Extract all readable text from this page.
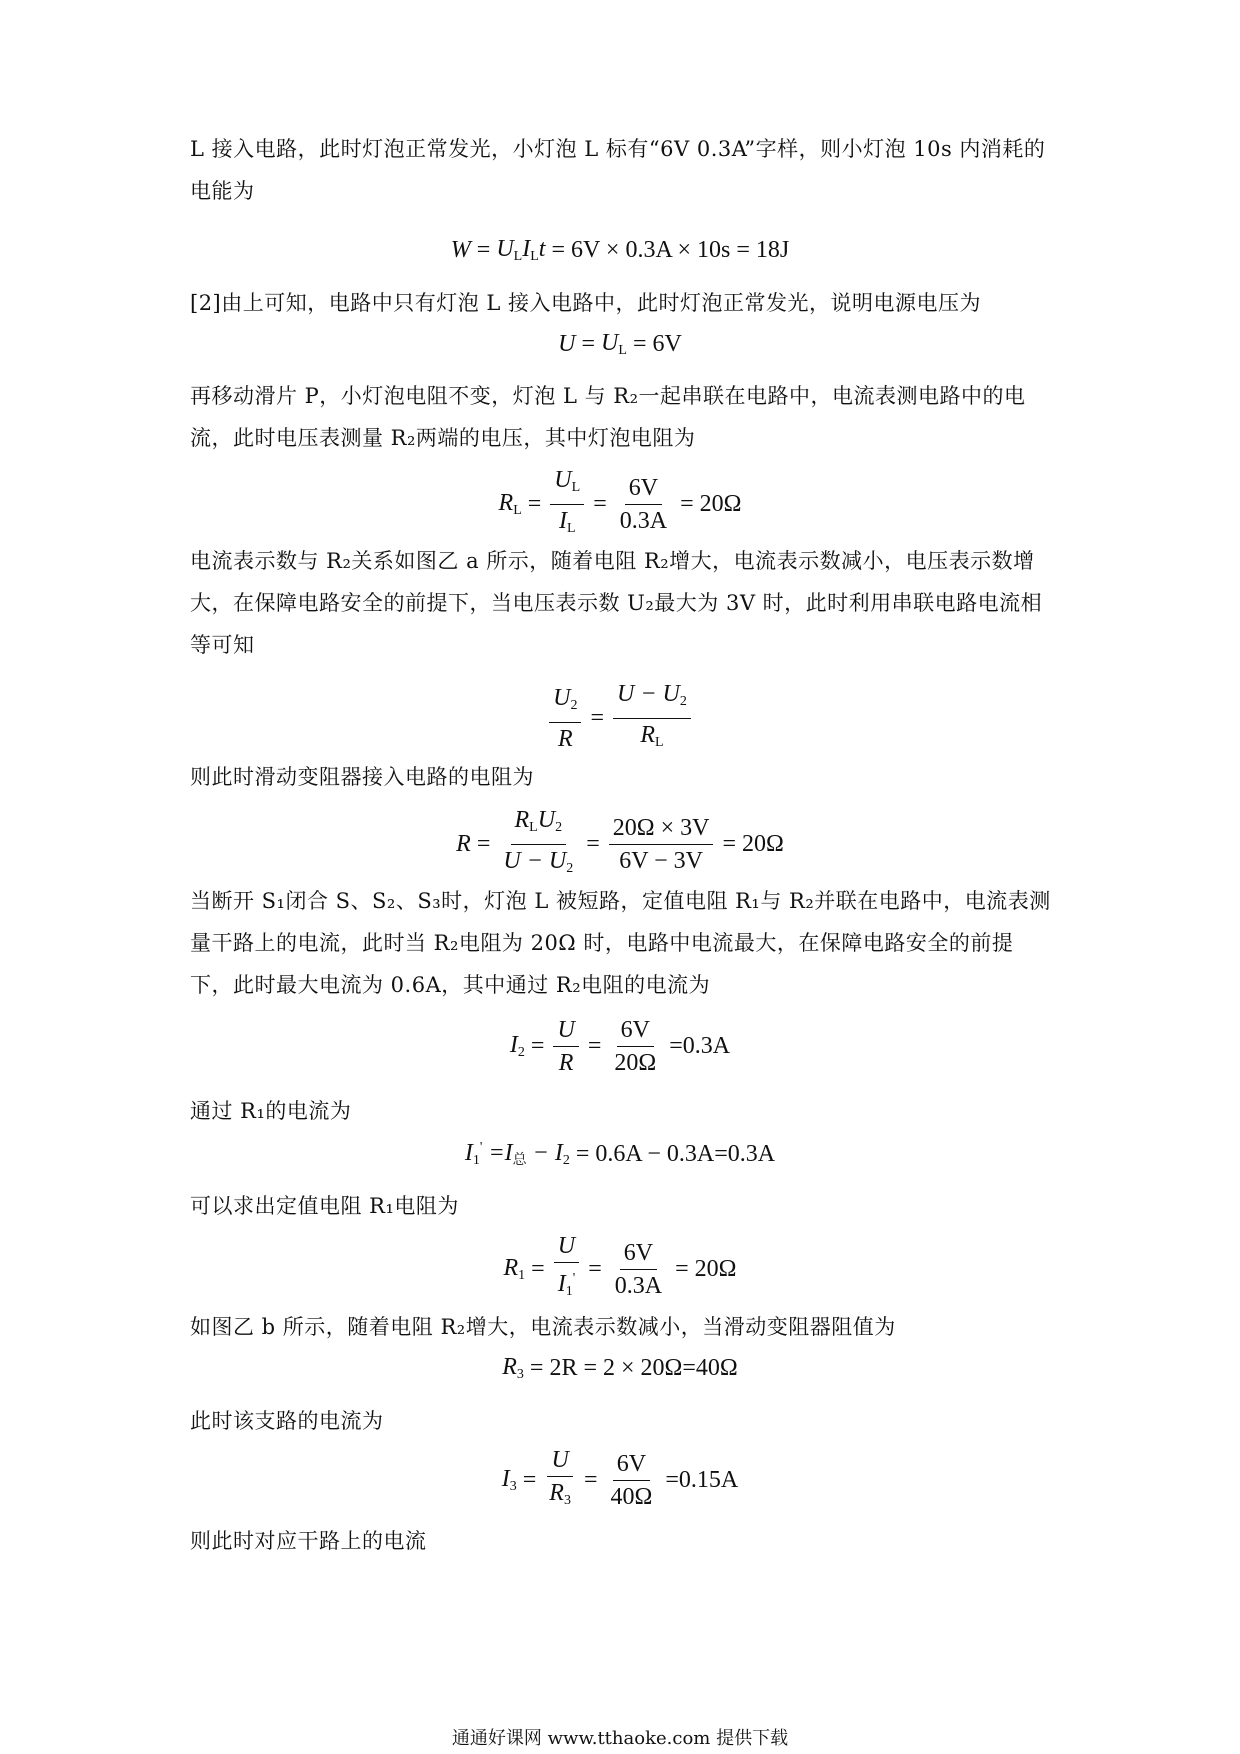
L 接入电路，此时灯泡正常发光，小灯泡 L 标有“6V 0.3A”字样，则小灯泡 10s 内消耗的
电能为
$W = U_LI_Lt = 6V \times 0.3A \times 10s = 18J$
[2]由上可知，电路中只有灯泡 L 接入电路中，此时灯泡正常发光，说明电源电压为
$U = U_L = 6V$
再移动滑片 P，小灯泡电阻不变，灯泡 L 与 R₂一起串联在电路中，电流表测电路中的电
流，此时电压表测量 R₂两端的电压，其中灯泡电阻为
$R_L = \frac{U_L}{I_L} = \frac{6V}{0.3A} = 20\Omega$
电流表示数与 R₂关系如图乙 a 所示，随着电阻 R₂增大，电流表示数减小，电压表示数增
大，在保障电路安全的前提下，当电压表示数 U₂最大为 3V 时，此时利用串联电路电流相
等可知
$\frac{U_2}{R} = \frac{U - U_2}{R_L}$
则此时滑动变阻器接入电路的电阻为
$R = \frac{R_LU_2}{U - U_2} = \frac{20\Omega \times 3V}{6V - 3V} = 20\Omega$
当断开 S₁闭合 S、S₂、S₃时，灯泡 L 被短路，定值电阻 R₁与 R₂并联在电路中，电流表测
量干路上的电流，此时当 R₂电阻为 20Ω 时，电路中电流最大，在保障电路安全的前提
下，此时最大电流为 0.6A，其中通过 R₂电阻的电流为
$I_2 = \frac{U}{R} = \frac{6V}{20\Omega} =0.3A$
通过 R₁的电流为
$I_1' =I_总 - I_2 = 0.6A - 0.3A=0.3A$
可以求出定值电阻 R₁电阻为
$R_1 = \frac{U}{I_1'} = \frac{6V}{0.3A} = 20\Omega$
如图乙 b 所示，随着电阻 R₂增大，电流表示数减小，当滑动变阻器阻值为
$R_3 = 2R = 2 \times 20\Omega=40\Omega$
此时该支路的电流为
$I_3 = \frac{U}{R_3} = \frac{6V}{40\Omega} =0.15A$
则此时对应干路上的电流
通通好课网 www.tthaoke.com 提供下载
